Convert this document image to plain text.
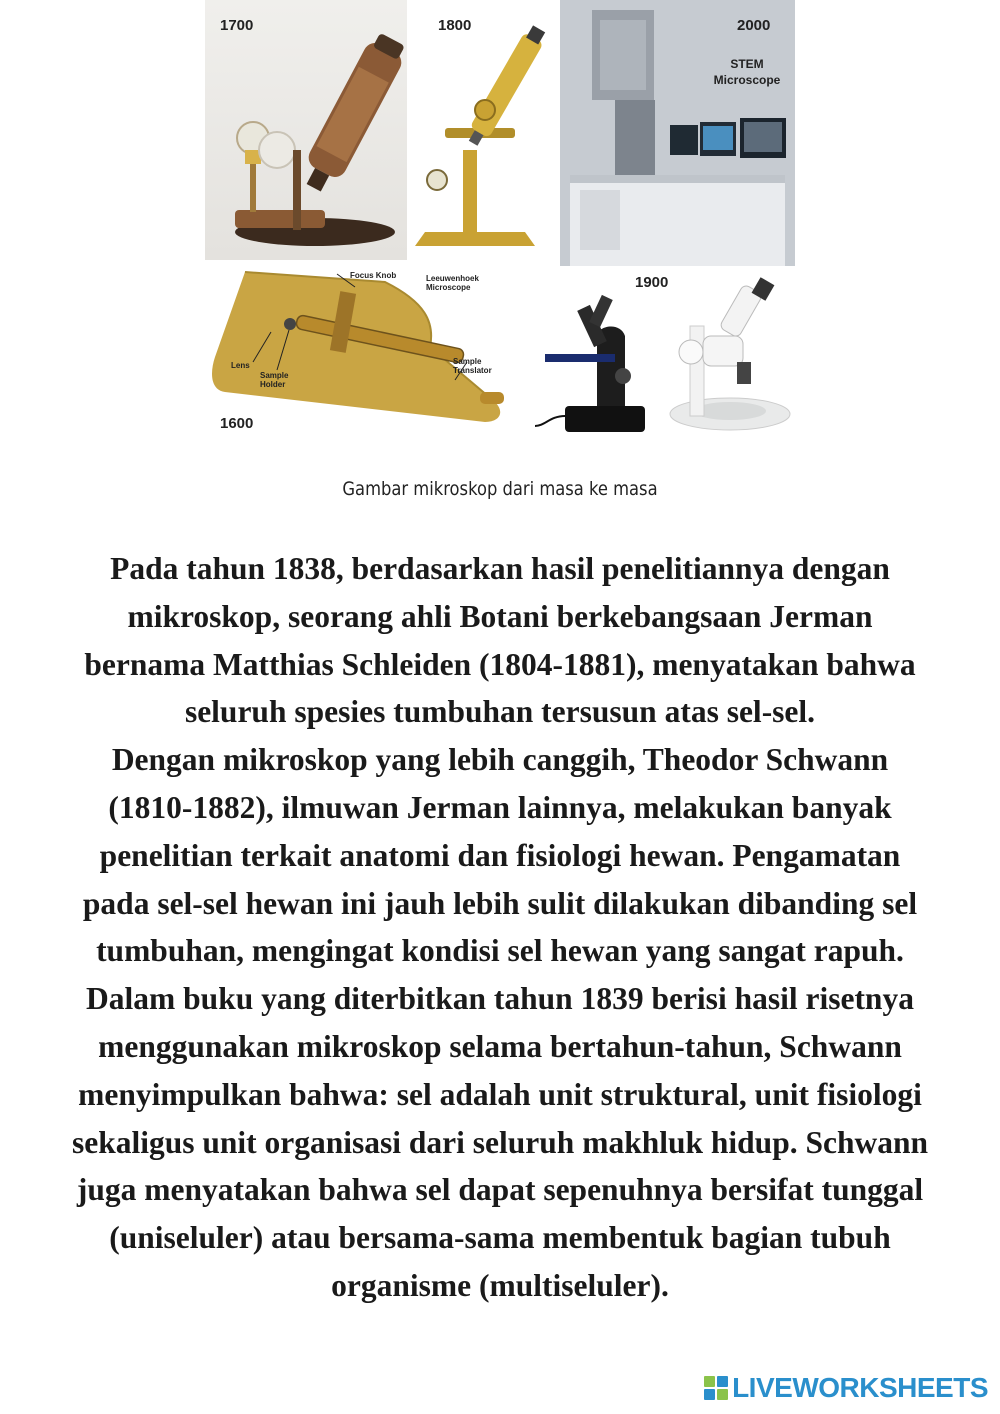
1700	1800	2000
STEM Microscope
Focus Knob	Leeuwenhoek Microscope
Lens
Sample Holder
Sample Translator
1600
1900
Gambar mikroskop dari masa ke masa
Pada tahun 1838, berdasarkan hasil penelitiannya dengan
mikroskop, seorang ahli Botani berkebangsaan Jerman
bernama Matthias Schleiden (1804-1881), menyatakan bahwa
seluruh spesies tumbuhan tersusun atas sel-sel.
Dengan mikroskop yang lebih canggih, Theodor Schwann
(1810-1882), ilmuwan Jerman lainnya, melakukan banyak
penelitian terkait anatomi dan fisiologi hewan. Pengamatan
pada sel-sel hewan ini jauh lebih sulit dilakukan dibanding sel
tumbuhan, mengingat kondisi sel hewan yang sangat rapuh.
Dalam buku yang diterbitkan tahun 1839 berisi hasil risetnya
menggunakan mikroskop selama bertahun-tahun, Schwann
menyimpulkan bahwa: sel adalah unit struktural, unit fisiologi
sekaligus unit organisasi dari seluruh makhluk hidup. Schwann
juga menyatakan bahwa sel dapat sepenuhnya bersifat tunggal
(uniseluler) atau bersama-sama membentuk bagian tubuh
organisme (multiseluler).
LIVEWORKSHEETS
